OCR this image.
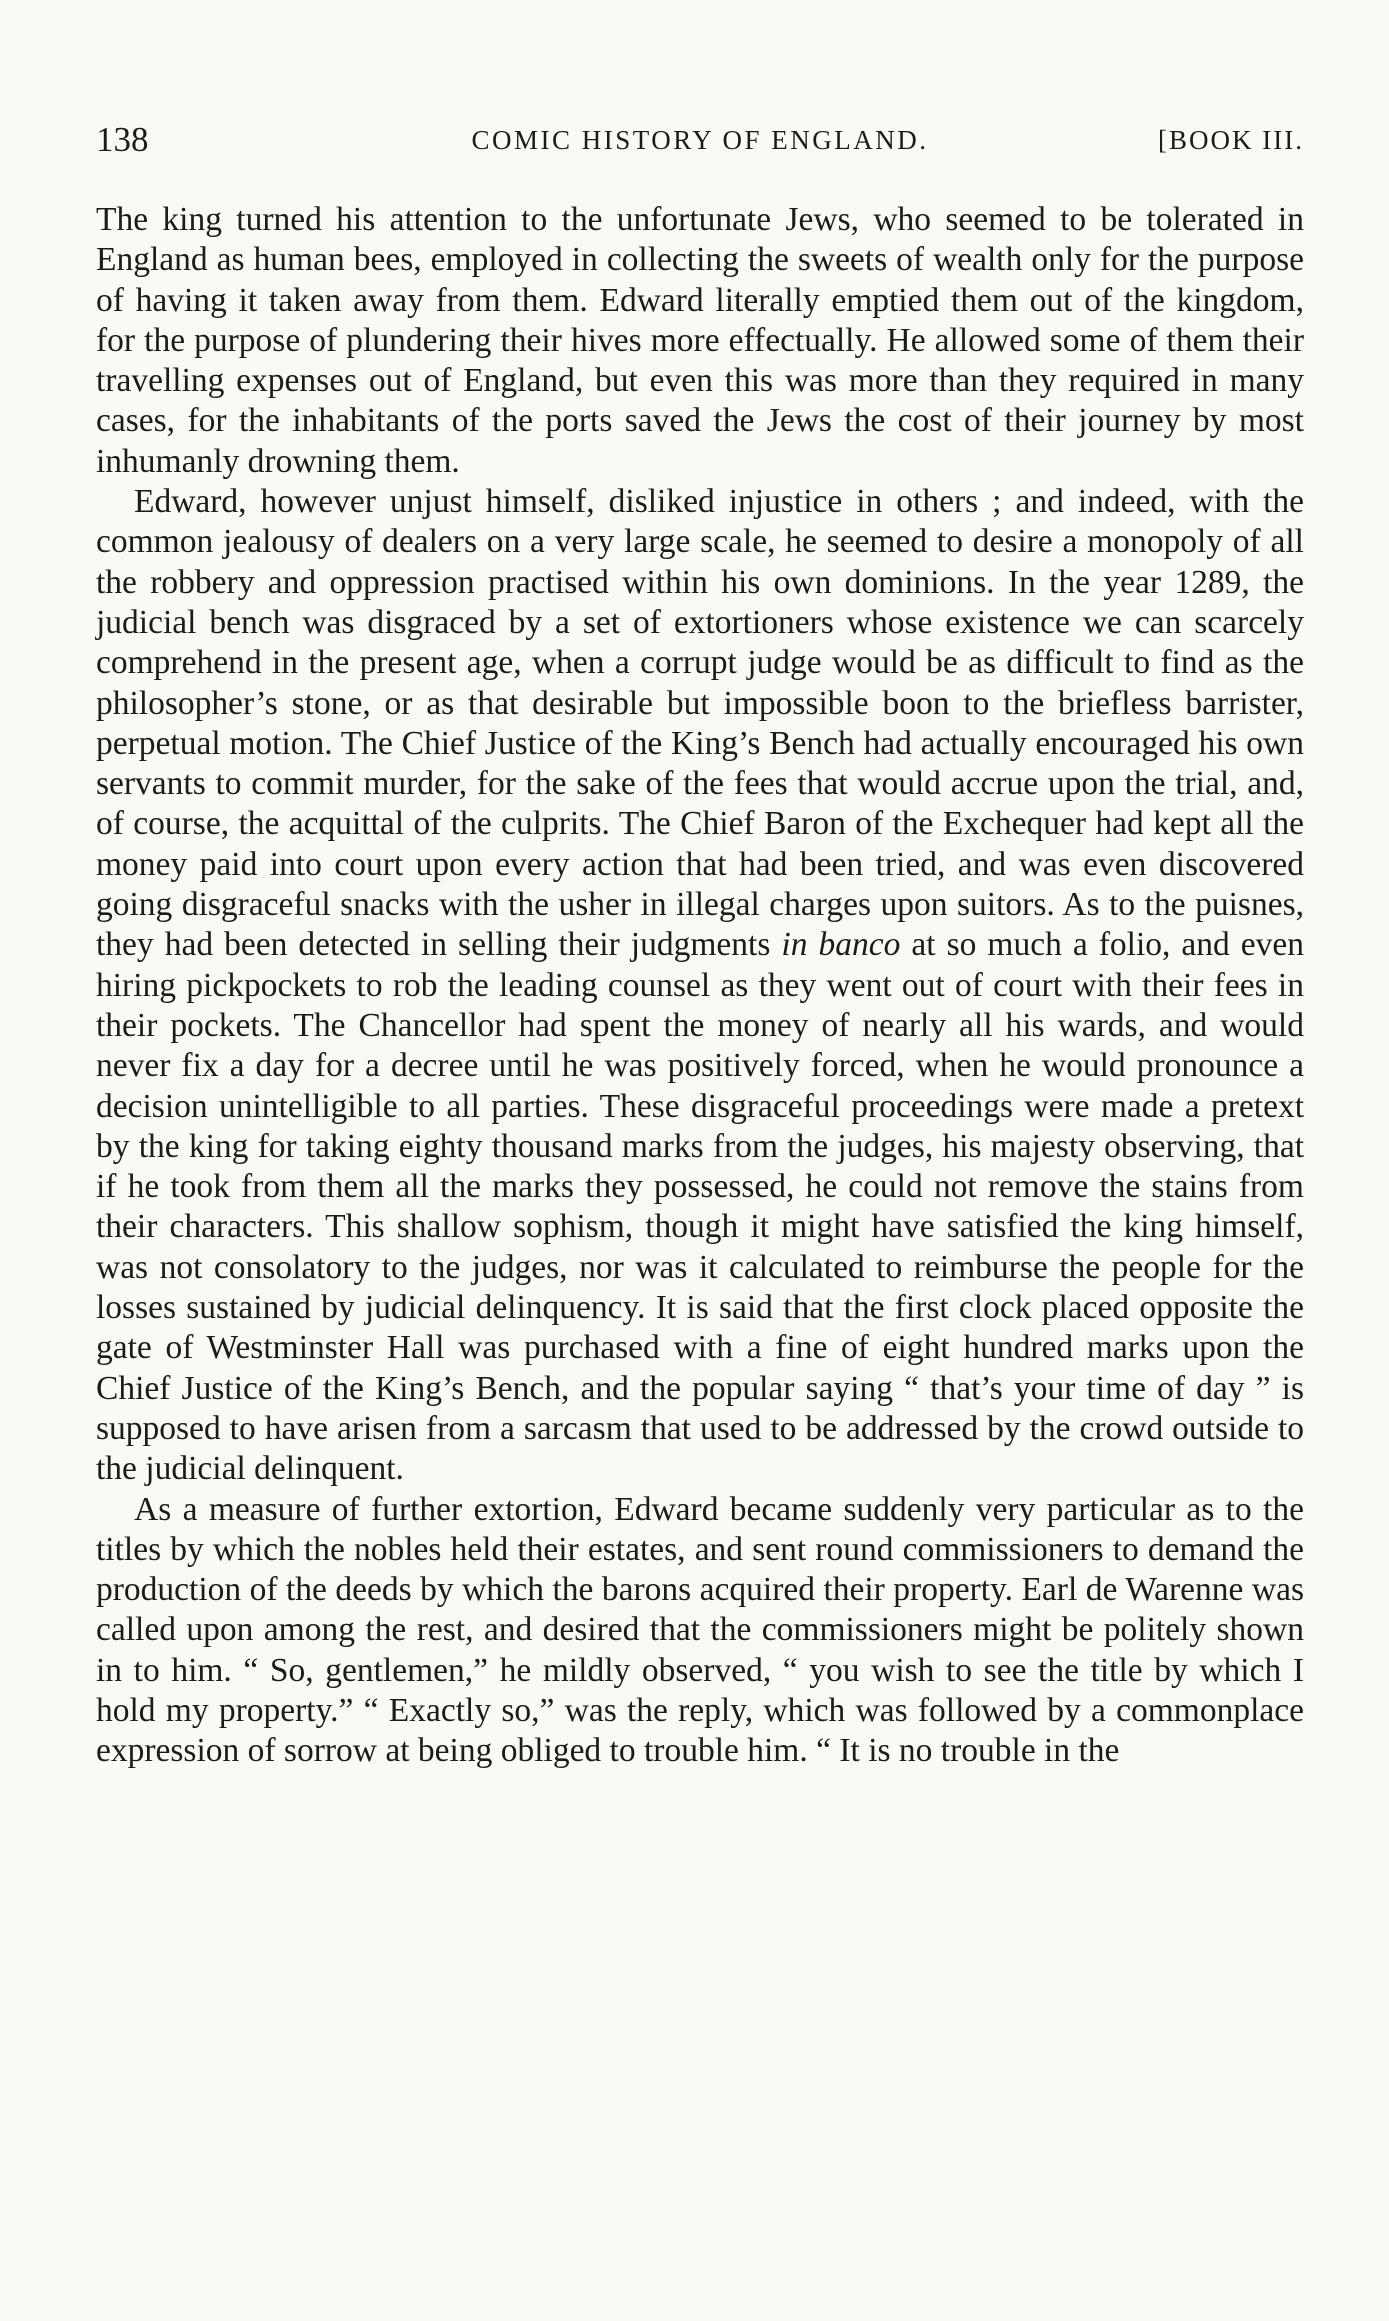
138	COMIC HISTORY OF ENGLAND.	[BOOK III.

The king turned his attention to the unfortunate Jews, who seemed to be tolerated in England as human bees, employed in collecting the sweets of wealth only for the purpose of having it taken away from them. Edward literally emptied them out of the kingdom, for the purpose of plundering their hives more effectually. He allowed some of them their travelling expenses out of England, but even this was more than they required in many cases, for the inhabitants of the ports saved the Jews the cost of their journey by most inhumanly drowning them.

Edward, however unjust himself, disliked injustice in others ; and indeed, with the common jealousy of dealers on a very large scale, he seemed to desire a monopoly of all the robbery and oppression practised within his own dominions. In the year 1289, the judicial bench was disgraced by a set of extortioners whose existence we can scarcely comprehend in the present age, when a corrupt judge would be as difficult to find as the philosopher’s stone, or as that desirable but impossible boon to the briefless barrister, perpetual motion. The Chief Justice of the King’s Bench had actually encouraged his own servants to commit murder, for the sake of the fees that would accrue upon the trial, and, of course, the acquittal of the culprits. The Chief Baron of the Exchequer had kept all the money paid into court upon every action that had been tried, and was even discovered going disgraceful snacks with the usher in illegal charges upon suitors. As to the puisnes, they had been detected in selling their judgments in banco at so much a folio, and even hiring pickpockets to rob the leading counsel as they went out of court with their fees in their pockets. The Chancellor had spent the money of nearly all his wards, and would never fix a day for a decree until he was positively forced, when he would pronounce a decision unintelligible to all parties. These disgraceful proceedings were made a pretext by the king for taking eighty thousand marks from the judges, his majesty observing, that if he took from them all the marks they possessed, he could not remove the stains from their characters. This shallow sophism, though it might have satisfied the king himself, was not consolatory to the judges, nor was it calculated to reimburse the people for the losses sustained by judicial delinquency. It is said that the first clock placed opposite the gate of Westminster Hall was purchased with a fine of eight hundred marks upon the Chief Justice of the King’s Bench, and the popular saying “ that’s your time of day ” is supposed to have arisen from a sarcasm that used to be addressed by the crowd outside to the judicial delinquent.

As a measure of further extortion, Edward became suddenly very particular as to the titles by which the nobles held their estates, and sent round commissioners to demand the production of the deeds by which the barons acquired their property. Earl de Warenne was called upon among the rest, and desired that the commissioners might be politely shown in to him. “ So, gentlemen,” he mildly observed, “ you wish to see the title by which I hold my property.” “ Exactly so,” was the reply, which was followed by a commonplace expression of sorrow at being obliged to trouble him. “ It is no trouble in the
